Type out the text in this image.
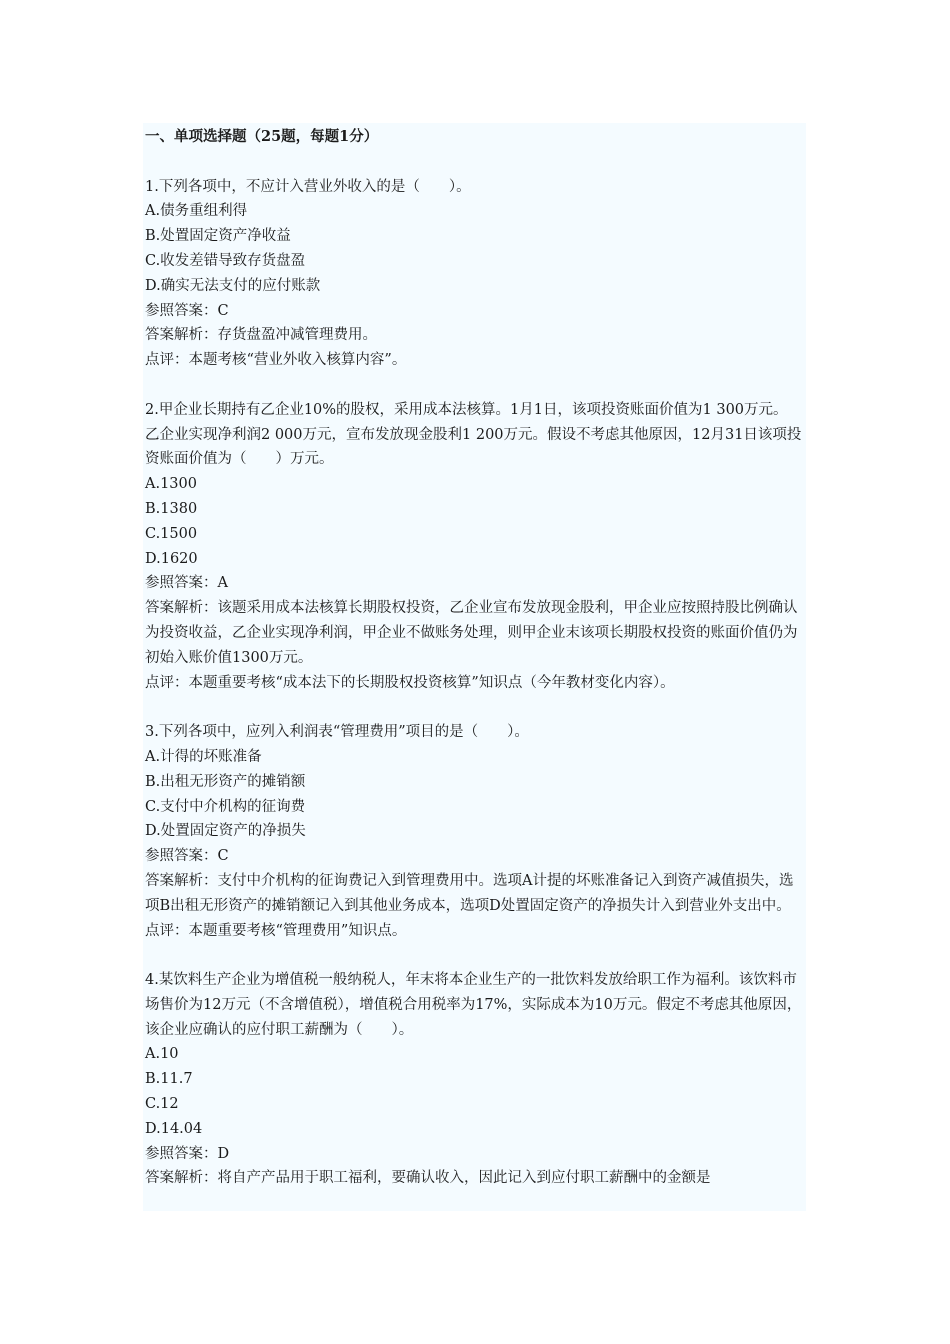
一、单项选择题（25题，每题1分）

1.下列各项中，不应计入营业外收入的是（　　）。

A.债务重组利得

B.处置固定资产净收益

C.收发差错导致存货盘盈

D.确实无法支付的应付账款

参照答案：C

答案解析：存货盘盈冲减管理费用。

点评：本题考核“营业外收入核算内容”。

2.甲企业长期持有乙企业10%的股权，采用成本法核算。1月1日，该项投资账面价值为1 300万元。乙企业实现净利润2 000万元，宣布发放现金股利1 200万元。假设不考虑其他原因，12月31日该项投资账面价值为（　　）万元。

A.1300

B.1380

C.1500

D.1620

参照答案：A

答案解析：该题采用成本法核算长期股权投资，乙企业宣布发放现金股利，甲企业应按照持股比例确认为投资收益，乙企业实现净利润，甲企业不做账务处理，则甲企业末该项长期股权投资的账面价值仍为初始入账价值1300万元。

点评：本题重要考核“成本法下的长期股权投资核算”知识点（今年教材变化内容）。

3.下列各项中，应列入利润表“管理费用”项目的是（　　）。

A.计得的坏账准备

B.出租无形资产的摊销额

C.支付中介机构的征询费

D.处置固定资产的净损失

参照答案：C

答案解析：支付中介机构的征询费记入到管理费用中。选项A计提的坏账准备记入到资产减值损失，选项B出租无形资产的摊销额记入到其他业务成本，选项D处置固定资产的净损失计入到营业外支出中。

点评：本题重要考核“管理费用”知识点。

4.某饮料生产企业为增值税一般纳税人，年末将本企业生产的一批饮料发放给职工作为福利。该饮料市场售价为12万元（不含增值税），增值税合用税率为17%，实际成本为10万元。假定不考虑其他原因，该企业应确认的应付职工薪酬为（　　）。

A.10

B.11.7

C.12

D.14.04

参照答案：D

答案解析：将自产产品用于职工福利，要确认收入，因此记入到应付职工薪酬中的金额是
